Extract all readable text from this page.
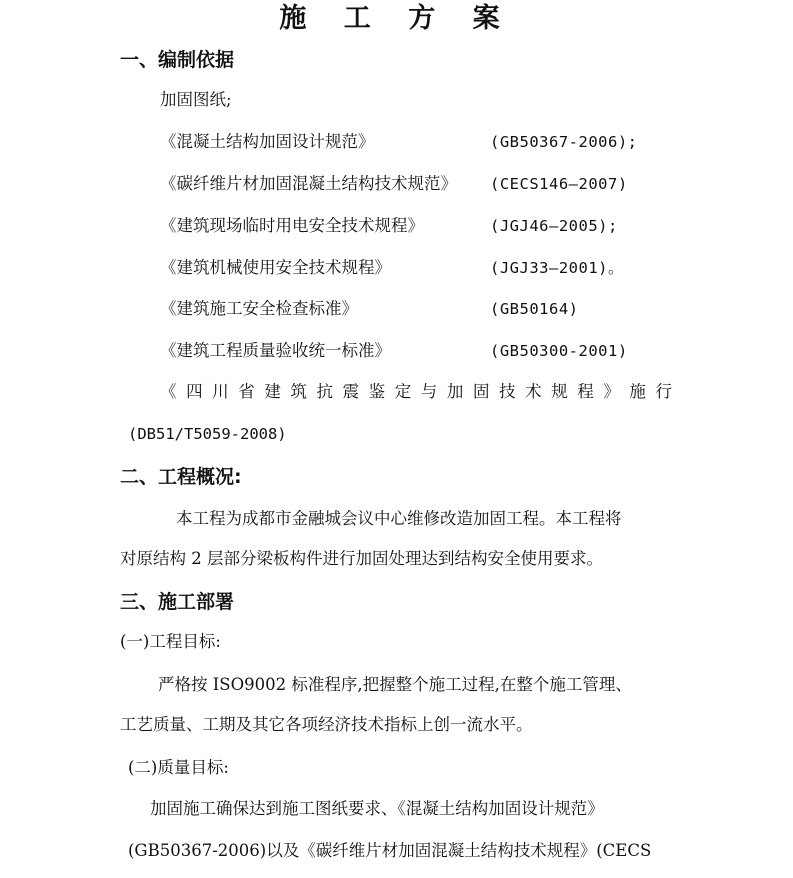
施 工 方 案
一、编制依据
加固图纸;
《混凝土结构加固设计规范》	(GB50367-2006);
《碳纤维片材加固混凝土结构技术规范》 (CECS146—2007)
《建筑现场临时用电安全技术规程》	(JGJ46—2005);
《建筑机械使用安全技术规程》	(JGJ33—2001)。
《建筑施工安全检查标准》	(GB50164)
《建筑工程质量验收统一标准》	(GB50300-2001)
《四川省建筑抗震鉴定与加固技术规程》施行
(DB51/T5059-2008)
二、工程概况:
本工程为成都市金融城会议中心维修改造加固工程。本工程将
对原结构 2 层部分梁板构件进行加固处理达到结构安全使用要求。
三、施工部署
(一)工程目标:
严格按 ISO9002 标准程序,把握整个施工过程,在整个施工管理、
工艺质量、工期及其它各项经济技术指标上创一流水平。
(二)质量目标:
加固施工确保达到施工图纸要求、《混凝土结构加固设计规范》
(GB50367-2006)以及《碳纤维片材加固混凝土结构技术规程》(CECS
